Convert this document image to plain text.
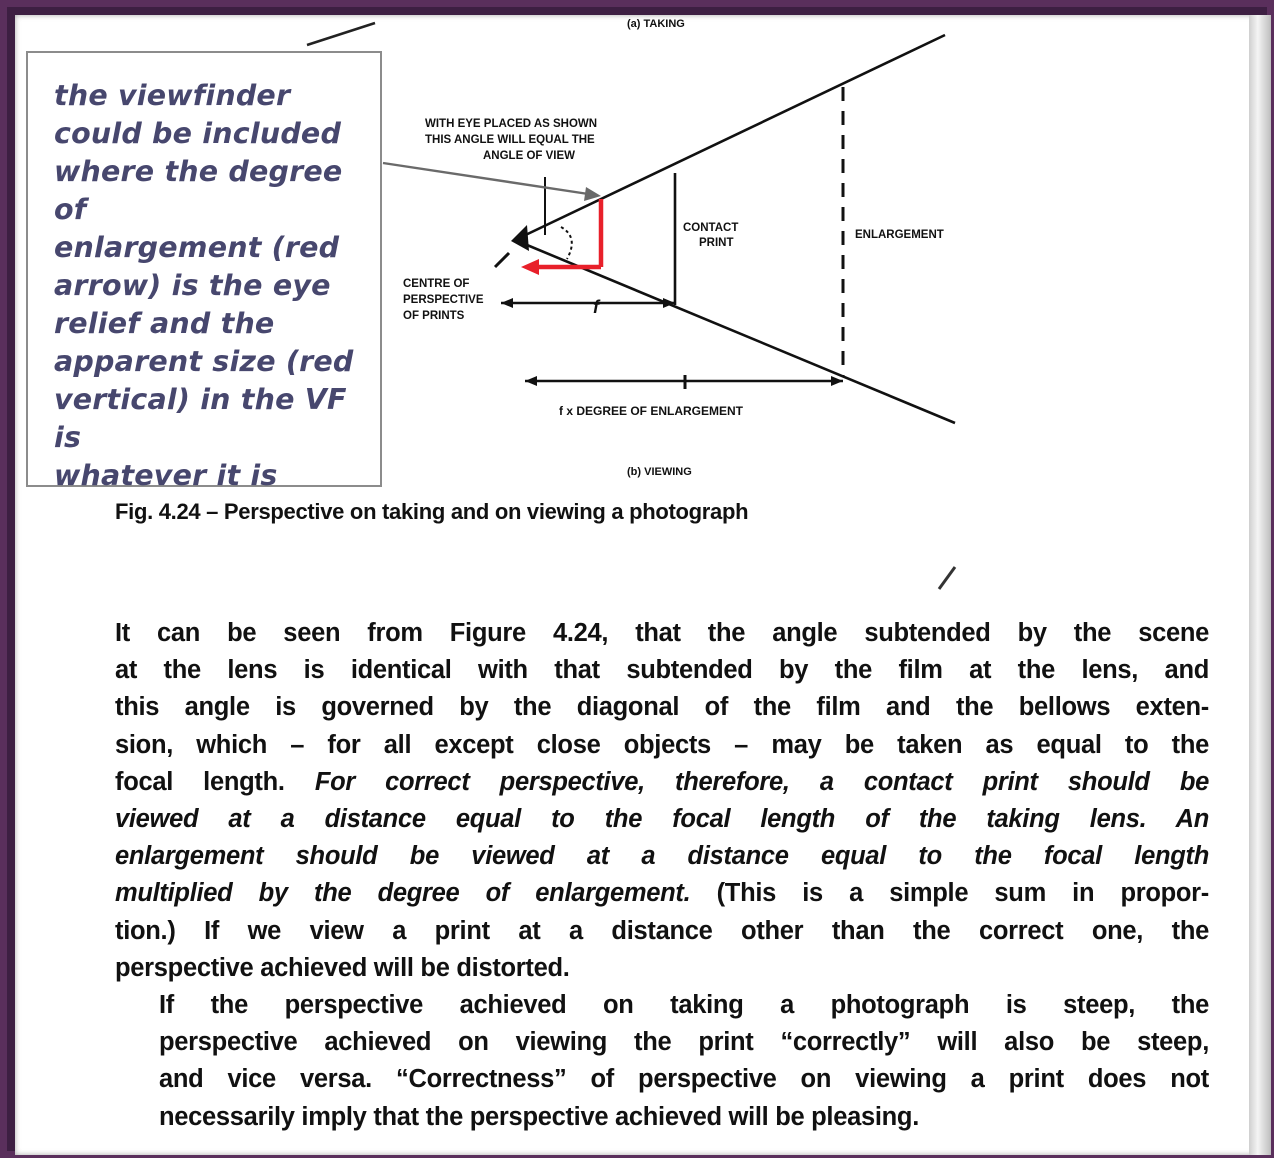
(a) TAKING
f
WITH EYE PLACED AS SHOWN
THIS ANGLE WILL EQUAL THE
ANGLE OF VIEW
CONTACT
PRINT
ENLARGEMENT
CENTRE OF
PERSPECTIVE
OF PRINTS
f x DEGREE OF ENLARGEMENT
(b) VIEWING
the viewfinder
could be included
where the degree of
enlargement (red
arrow) is the eye
relief and the
apparent size (red
vertical) in the VF is
whatever it is
Fig. 4.24 – Perspective on taking and on viewing a photograph

It can be seen from Figure 4.24, that the angle subtended by the scene
at the lens is identical with that subtended by the film at the lens, and
this angle is governed by the diagonal of the film and the bellows exten-
sion, which – for all except close objects – may be taken as equal to the
focal length. For correct perspective, therefore, a contact print should be
viewed at a distance equal to the focal length of the taking lens. An
enlargement should be viewed at a distance equal to the focal length
multiplied by the degree of enlargement. (This is a simple sum in propor-
tion.) If we view a print at a distance other than the correct one, the
perspective achieved will be distorted.

If the perspective achieved on taking a photograph is steep, the
perspective achieved on viewing the print “correctly” will also be steep,
and vice versa. “Correctness” of perspective on viewing a print does not
necessarily imply that the perspective achieved will be pleasing.
